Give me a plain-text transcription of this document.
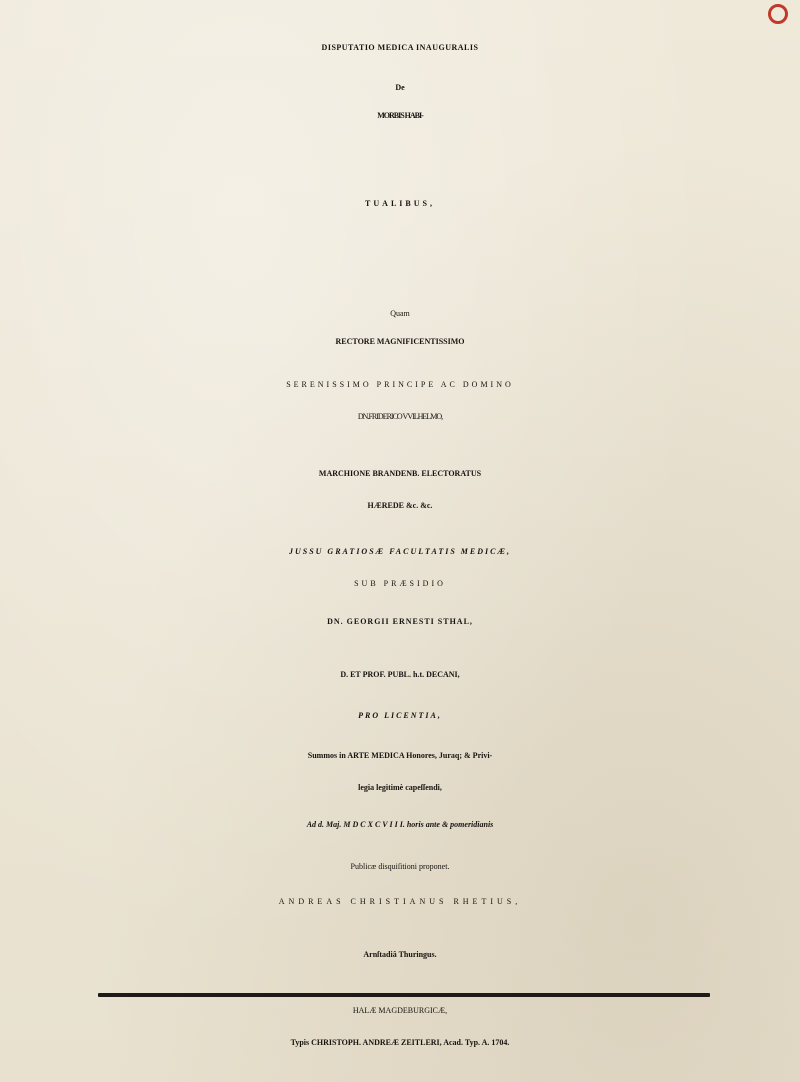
DISPUTATIO MEDICA INAUGURALIS
De
MORBIS HABI-
TUALIBUS,
Quam
RECTORE MAGNIFICENTISSIMO
SERENISSIMO PRINCIPE AC DOMINO
DN.FRIDERICO VVILHELMO,
MARCHIONE BRANDENB. ELECTORATUS
HÆREDE &c. &c.
JUSSU GRATIOSÆ FACULTATIS MEDICÆ,
SUB PRÆSIDIO
DN. GEORGII ERNESTI STHAL,
D. ET PROF. PUBL. h.t. DECANI,
PRO LICENTIA,
Summos in ARTE MEDICA Honores, Juraq; & Privi-
legia legitimè capeſſendi,
Ad d. Maj. M D C X C V I I I. horis ante & pomeridianis
Publicæ disquiſitioni proponet.
ANDREAS CHRISTIANUS RHETIUS,
Arnſtadiâ Thuringus.
HALÆ MAGDEBURGICÆ,
Typis CHRISTOPH. ANDREÆ ZEITLERI, Acad. Typ. A. 1704.
